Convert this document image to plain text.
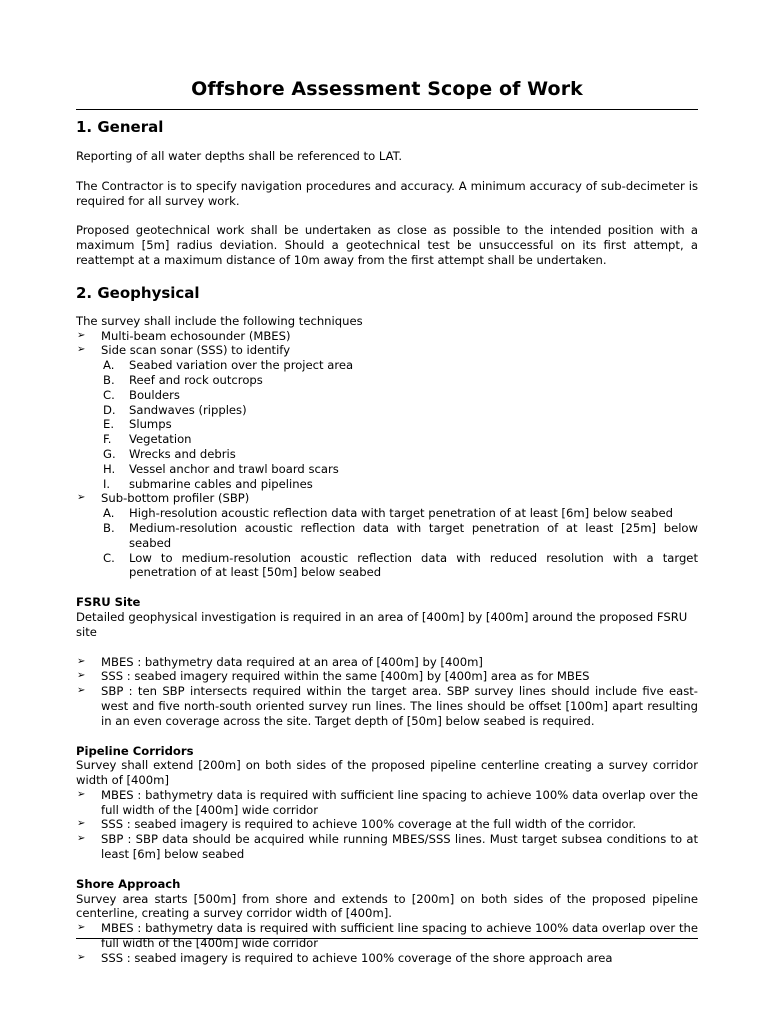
Offshore Assessment Scope of Work
1. General

Reporting of all water depths shall be referenced to LAT.

The Contractor is to specify navigation procedures and accuracy. A minimum accuracy of sub-decimeter is required for all survey work.

Proposed geotechnical work shall be undertaken as close as possible to the intended position with a maximum [5m] radius deviation. Should a geotechnical test be unsuccessful on its first attempt, a reattempt at a maximum distance of 10m away from the first attempt shall be undertaken.

2. Geophysical
The survey shall include the following techniques
➢ Multi-beam echosounder (MBES)
➢ Side scan sonar (SSS) to identify
A. Seabed variation over the project area
B. Reef and rock outcrops
C. Boulders
D. Sandwaves (ripples)
E. Slumps
F. Vegetation
G. Wrecks and debris
H. Vessel anchor and trawl board scars
I. submarine cables and pipelines
➢ Sub-bottom profiler (SBP)
A. High-resolution acoustic reflection data with target penetration of at least [6m] below seabed
B. Medium-resolution acoustic reflection data with target penetration of at least [25m] below seabed
C. Low to medium-resolution acoustic reflection data with reduced resolution with a target penetration of at least [50m] below seabed
FSRU Site
Detailed geophysical investigation is required in an area of [400m] by [400m] around the proposed FSRU site
➢ MBES : bathymetry data required at an area of [400m] by [400m]
➢ SSS : seabed imagery required within the same [400m] by [400m] area as for MBES
➢ SBP : ten SBP intersects required within the target area. SBP survey lines should include five east-west and five north-south oriented survey run lines. The lines should be offset [100m] apart resulting in an even coverage across the site. Target depth of [50m] below seabed is required.
Pipeline Corridors
Survey shall extend [200m] on both sides of the proposed pipeline centerline creating a survey corridor width of [400m]
➢ MBES : bathymetry data is required with sufficient line spacing to achieve 100% data overlap over the full width of the [400m] wide corridor
➢ SSS : seabed imagery is required to achieve 100% coverage at the full width of the corridor.
➢ SBP : SBP data should be acquired while running MBES/SSS lines. Must target subsea conditions to at least [6m] below seabed
Shore Approach
Survey area starts [500m] from shore and extends to [200m] on both sides of the proposed pipeline centerline, creating a survey corridor width of [400m].
➢ MBES : bathymetry data is required with sufficient line spacing to achieve 100% data overlap over the full width of the [400m] wide corridor
➢ SSS : seabed imagery is required to achieve 100% coverage of the shore approach area
